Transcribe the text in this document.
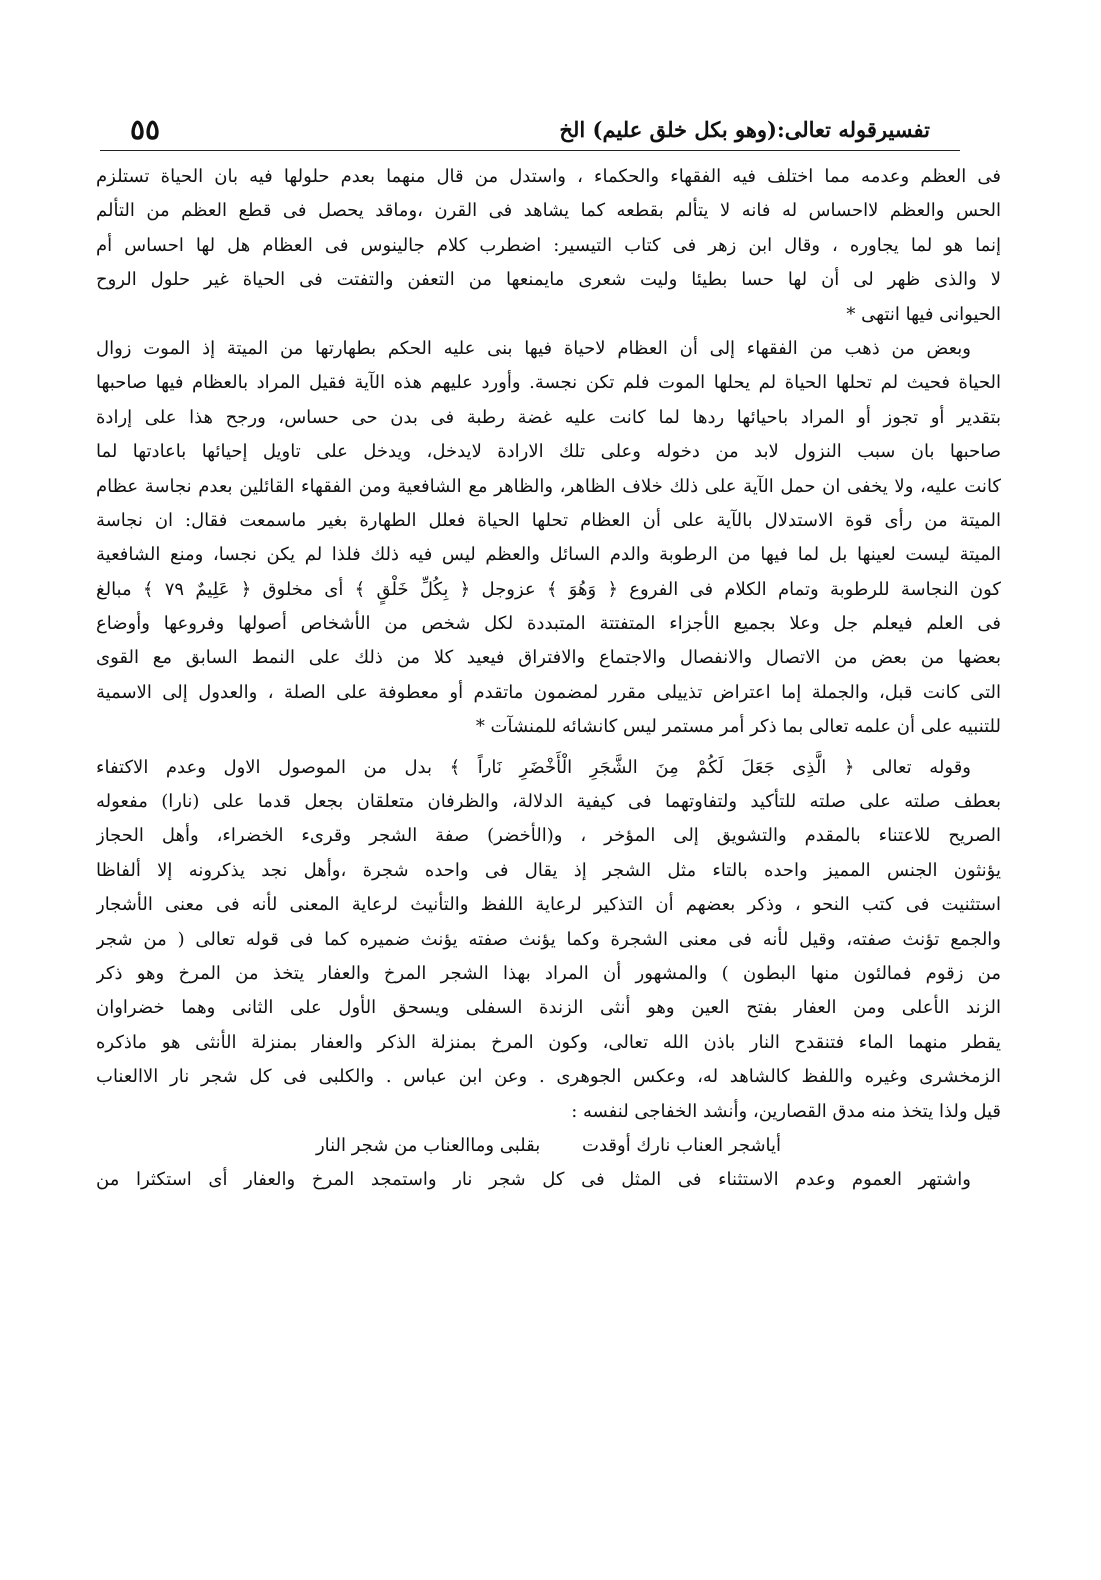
تفسيرقوله تعالى:(وهو بكل خلق عليم) الخ
٥٥
فى العظم وعدمه مما اختلف فيه الفقهاء والحكماء ، واستدل من قال منهما بعدم حلولها فيه بان الحياة تستلزم
الحس والعظم لااحساس له فانه لا يتألم بقطعه كما يشاهد فى القرن ،وماقد يحصل فى قطع العظم من التألم
إنما هو لما يجاوره ، وقال ابن زهر فى كتاب التيسير: اضطرب كلام جالينوس فى العظام هل لها احساس أم
لا والذى ظهر لى أن لها حسا بطيئا وليت شعرى مايمنعها من التعفن والتفتت فى الحياة غير حلول الروح
الحيوانى فيها انتهى *
وبعض من ذهب من الفقهاء إلى أن العظام لاحياة فيها بنى عليه الحكم بطهارتها من الميتة إذ الموت زوال
الحياة فحيث لم تحلها الحياة لم يحلها الموت فلم تكن نجسة. وأورد عليهم هذه الآية فقيل المراد بالعظام فيها صاحبها
بتقدير أو تجوز أو المراد باحيائها ردها لما كانت عليه غضة رطبة فى بدن حى حساس، ورجح هذا على إرادة
صاحبها بان سبب النزول لابد من دخوله وعلى تلك الارادة لايدخل، ويدخل على تاويل إحيائها باعادتها لما
كانت عليه، ولا يخفى ان حمل الآية على ذلك خلاف الظاهر، والظاهر مع الشافعية ومن الفقهاء القائلين بعدم نجاسة عظام
الميتة من رأى قوة الاستدلال بالآية على أن العظام تحلها الحياة فعلل الطهارة بغير ماسمعت فقال: ان نجاسة
الميتة ليست لعينها بل لما فيها من الرطوبة والدم السائل والعظم ليس فيه ذلك فلذا لم يكن نجسا، ومنع الشافعية
كون النجاسة للرطوبة وتمام الكلام فى الفروع ﴿ وَهُوَ ﴾ عزوجل ﴿ بِكُلِّ خَلْقٍ ﴾ أى مخلوق ﴿ عَلِيمٌ ٧٩ ﴾ مبالغ
فى العلم فيعلم جل وعلا بجميع الأجزاء المتفتتة المتبددة لكل شخص من الأشخاص أصولها وفروعها وأوضاع
بعضها من بعض من الاتصال والانفصال والاجتماع والافتراق فيعيد كلا من ذلك على النمط السابق مع القوى
التى كانت قبل، والجملة إما اعتراض تذييلى مقرر لمضمون ماتقدم أو معطوفة على الصلة ، والعدول إلى الاسمية
للتنبيه على أن علمه تعالى بما ذكر أمر مستمر ليس كانشائه للمنشآت *
وقوله تعالى ﴿ الَّذِى جَعَلَ لَكُمْ مِنَ الشَّجَرِ الْأَخْضَرِ نَاراً ﴾ بدل من الموصول الاول وعدم الاكتفاء
بعطف صلته على صلته للتأكيد ولتفاوتهما فى كيفية الدلالة، والظرفان متعلقان بجعل قدما على (نارا) مفعوله
الصريح للاعتناء بالمقدم والتشويق إلى المؤخر ، و(الأخضر) صفة الشجر وقرىء الخضراء، وأهل الحجاز
يؤنثون الجنس المميز واحده بالتاء مثل الشجر إذ يقال فى واحده شجرة ،وأهل نجد يذكرونه إلا ألفاظا
استثنيت فى كتب النحو ، وذكر بعضهم أن التذكير لرعاية اللفظ والتأنيث لرعاية المعنى لأنه فى معنى الأشجار
والجمع تؤنث صفته، وقيل لأنه فى معنى الشجرة وكما يؤنث صفته يؤنث ضميره كما فى قوله تعالى ( من شجر
من زقوم فمالئون منها البطون ) والمشهور أن المراد بهذا الشجر المرخ والعفار يتخذ من المرخ وهو ذكر
الزند الأعلى ومن العفار بفتح العين وهو أنثى الزندة السفلى ويسحق الأول على الثانى وهما خضراوان
يقطر منهما الماء فتنقدح النار باذن الله تعالى، وكون المرخ بمنزلة الذكر والعفار بمنزلة الأنثى هو ماذكره
الزمخشرى وغيره واللفظ كالشاهد له، وعكس الجوهرى . وعن ابن عباس . والكلبى فى كل شجر نار الاالعناب
قيل ولذا يتخذ منه مدق القصارين، وأنشد الخفاجى لنفسه :
أياشجر العناب نارك أوقدت بقلبى وماالعناب من شجر النار
واشتهر العموم وعدم الاستثناء فى المثل فى كل شجر نار واستمجد المرخ والعفار أى استكثرا من
